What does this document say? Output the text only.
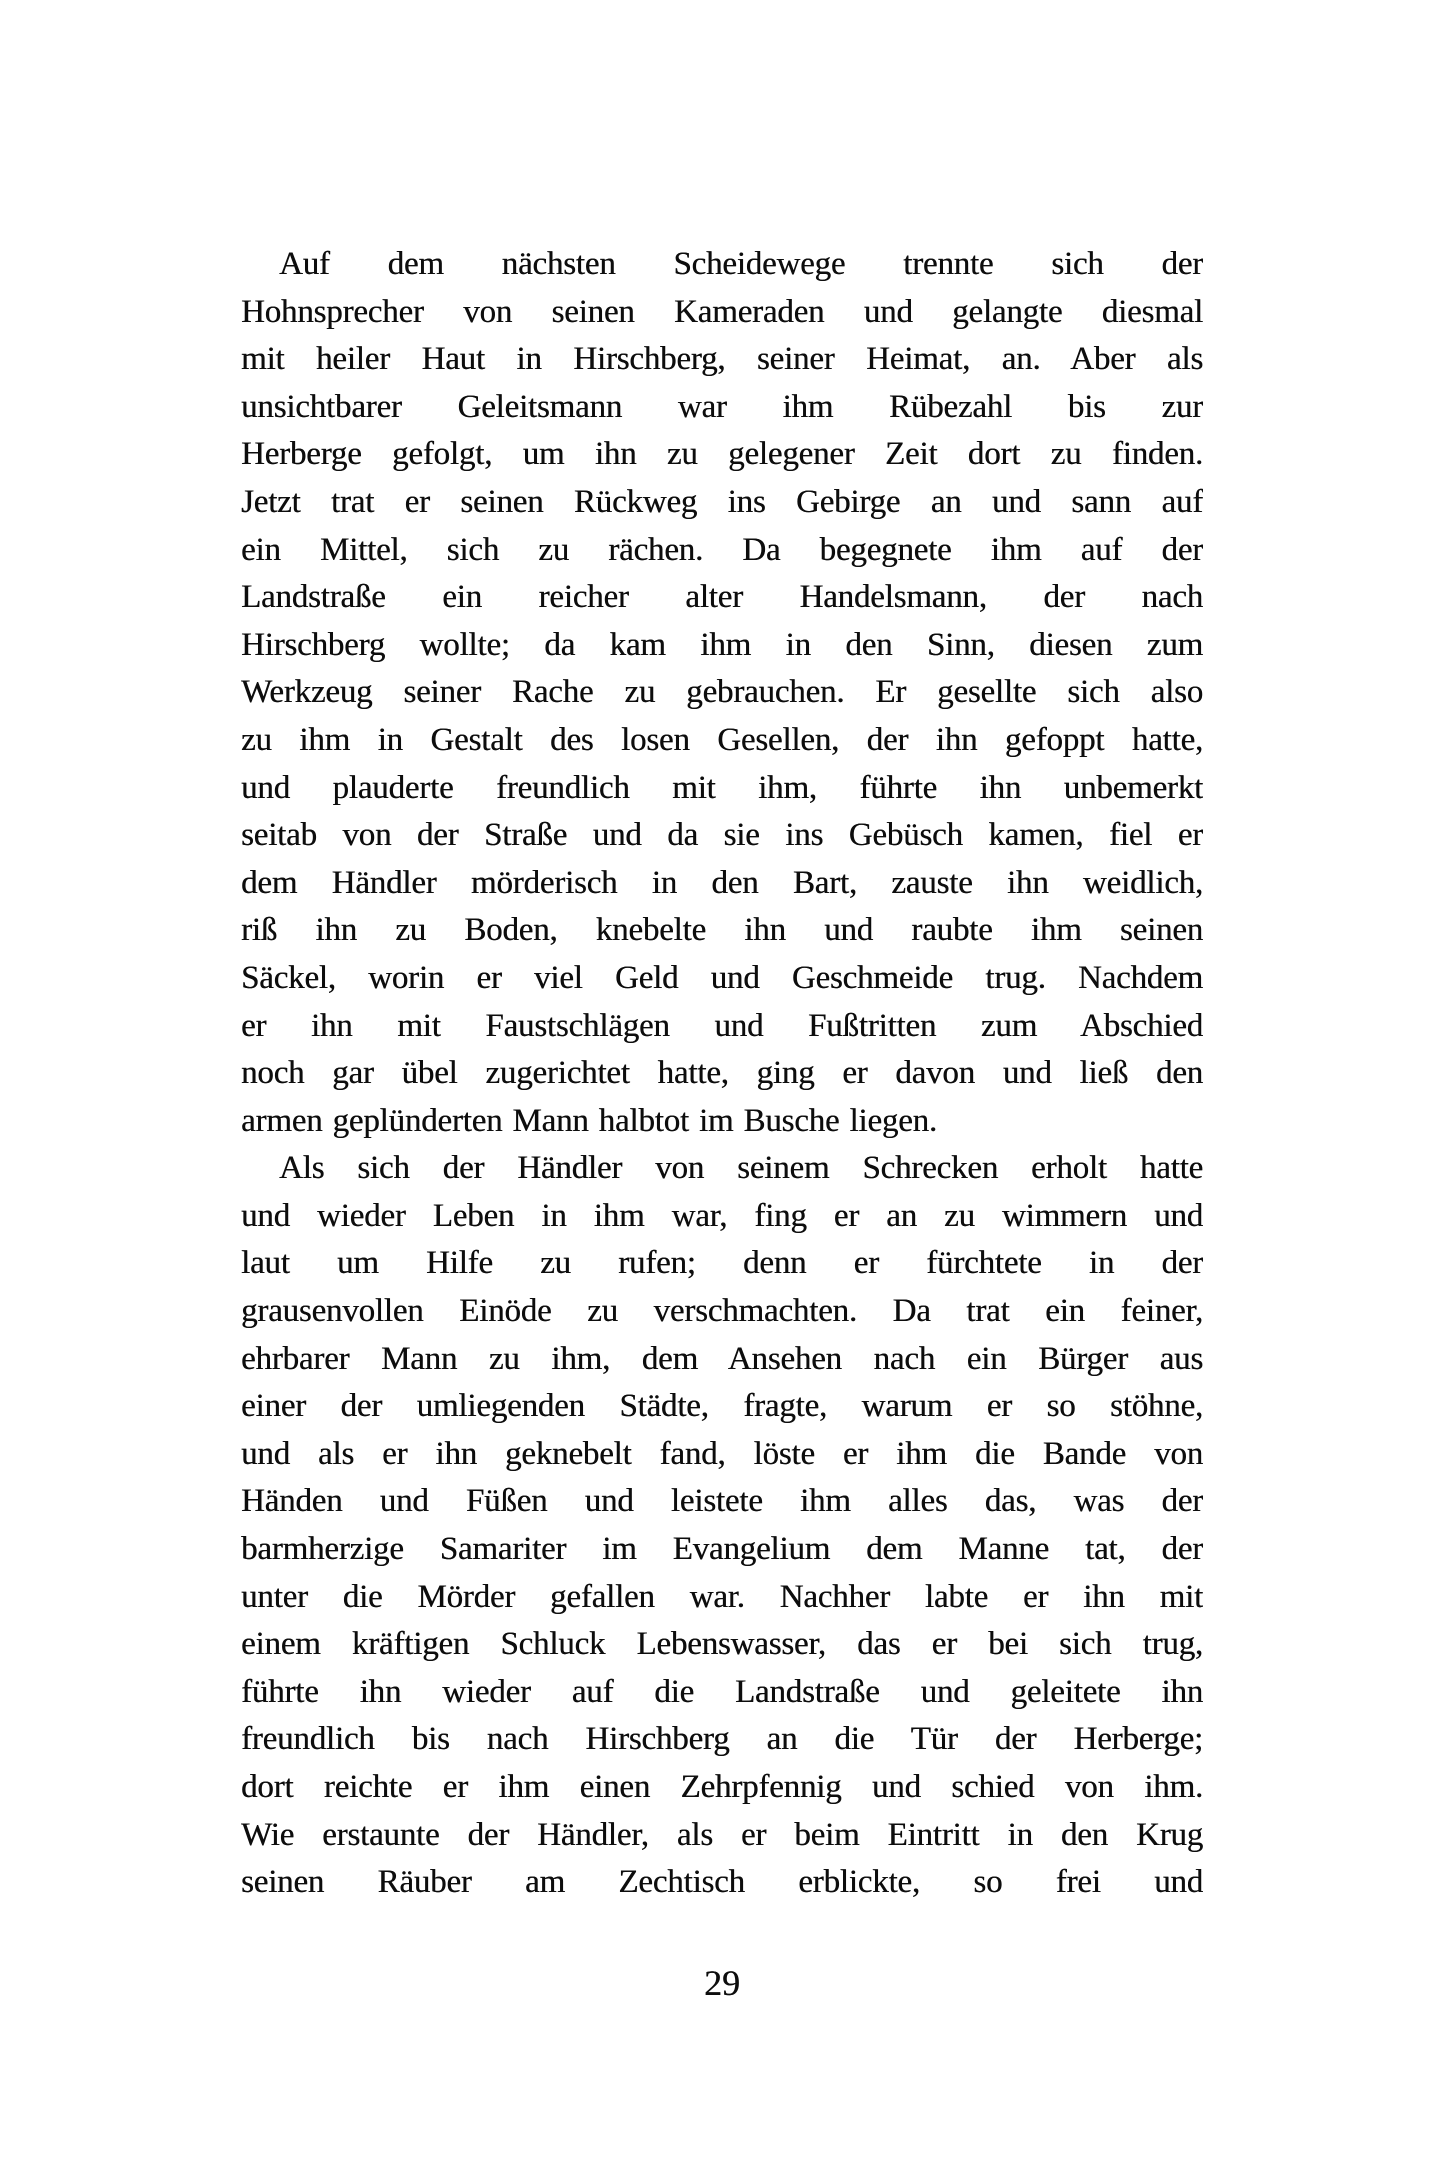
Auf dem nächsten Scheidewege trennte sich der
Hohnsprecher von seinen Kameraden und gelangte diesmal
mit heiler Haut in Hirschberg, seiner Heimat, an. Aber als
unsichtbarer Geleitsmann war ihm Rübezahl bis zur
Herberge gefolgt, um ihn zu gelegener Zeit dort zu finden.
Jetzt trat er seinen Rückweg ins Gebirge an und sann auf
ein Mittel, sich zu rächen. Da begegnete ihm auf der
Landstraße ein reicher alter Handelsmann, der nach
Hirschberg wollte; da kam ihm in den Sinn, diesen zum
Werkzeug seiner Rache zu gebrauchen. Er gesellte sich also
zu ihm in Gestalt des losen Gesellen, der ihn gefoppt hatte,
und plauderte freundlich mit ihm, führte ihn unbemerkt
seitab von der Straße und da sie ins Gebüsch kamen, fiel er
dem Händler mörderisch in den Bart, zauste ihn weidlich,
riß ihn zu Boden, knebelte ihn und raubte ihm seinen
Säckel, worin er viel Geld und Geschmeide trug. Nachdem
er ihn mit Faustschlägen und Fußtritten zum Abschied
noch gar übel zugerichtet hatte, ging er davon und ließ den
armen geplünderten Mann halbtot im Busche liegen.
Als sich der Händler von seinem Schrecken erholt hatte
und wieder Leben in ihm war, fing er an zu wimmern und
laut um Hilfe zu rufen; denn er fürchtete in der
grausenvollen Einöde zu verschmachten. Da trat ein feiner,
ehrbarer Mann zu ihm, dem Ansehen nach ein Bürger aus
einer der umliegenden Städte, fragte, warum er so stöhne,
und als er ihn geknebelt fand, löste er ihm die Bande von
Händen und Füßen und leistete ihm alles das, was der
barmherzige Samariter im Evangelium dem Manne tat, der
unter die Mörder gefallen war. Nachher labte er ihn mit
einem kräftigen Schluck Lebenswasser, das er bei sich trug,
führte ihn wieder auf die Landstraße und geleitete ihn
freundlich bis nach Hirschberg an die Tür der Herberge;
dort reichte er ihm einen Zehrpfennig und schied von ihm.
Wie erstaunte der Händler, als er beim Eintritt in den Krug
seinen Räuber am Zechtisch erblickte, so frei und
29
